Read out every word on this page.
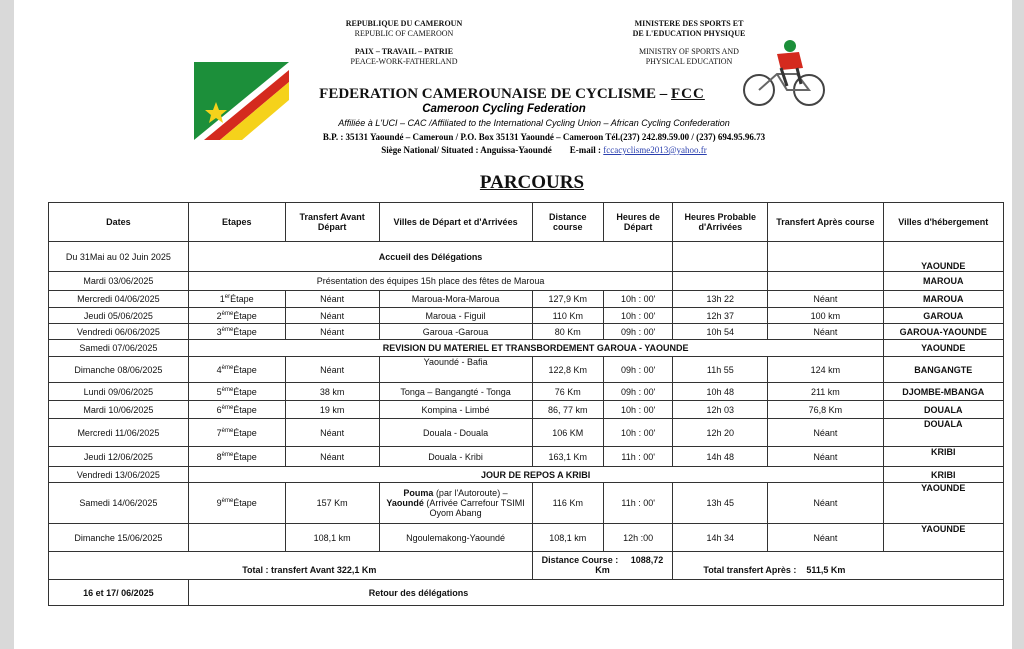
REPUBLIQUE DU CAMEROUN
REPUBLIC OF CAMEROON
PAIX – TRAVAIL – PATRIE
PEACE-WORK-FATHERLAND
MINISTERE DES SPORTS ET
DE L'EDUCATION PHYSIQUE
MINISTRY OF SPORTS AND
PHYSICAL EDUCATION
FEDERATION CAMEROUNAISE DE CYCLISME – FCC
Cameroon Cycling Federation
Affiliée à L'UCI – CAC /Affiliated to the International Cycling Union – African Cycling Confederation
B.P. : 35131 Yaoundé – Cameroun / P.O. Box 35131 Yaoundé – Cameroon Tél.(237) 242.89.59.00 / (237) 694.95.96.73
Siège National/ Situated : Anguissa-Yaoundé E-mail : fccacyclisme2013@yahoo.fr
PARCOURS
Dates	Etapes	Transfert Avant Départ	Villes de Départ et d'Arrivées	Distance course	Heures de Départ	Heures Probable d'Arrivées	Transfert Après course	Villes d'hébergement
Du 31Mai au 02 Juin 2025	Accueil des Délégations							YAOUNDE
Mardi 03/06/2025	Présentation des équipes 15h place des fêtes de Maroua							MAROUA
Mercredi 04/06/2025	1erÉtape	Néant	Maroua-Mora-Maroua	127,9 Km	10h : 00'	13h 22	Néant	MAROUA
Jeudi 05/06/2025	2èmeÉtape	Néant	Maroua - Figuil	110 Km	10h : 00'	12h 37	100 km	GAROUA
Vendredi 06/06/2025	3èmeÉtape	Néant	Garoua -Garoua	80 Km	09h : 00'	10h 54	Néant	GAROUA-YAOUNDE
Samedi 07/06/2025	REVISION DU MATERIEL ET TRANSBORDEMENT GAROUA - YAOUNDE							YAOUNDE
Dimanche 08/06/2025	4èmeÉtape	Néant	Yaoundé - Bafia	122,8 Km	09h : 00'	11h 55	124 km	BANGANGTE
Lundi 09/06/2025	5èmeÉtape	38 km	Tonga – Bangangté - Tonga	76 Km	09h : 00'	10h 48	211 km	DJOMBE-MBANGA
Mardi 10/06/2025	6èmeÉtape	19 km	Kompina - Limbé	86, 77 km	10h : 00'	12h 03	76,8 Km	DOUALA
Mercredi 11/06/2025	7èmeÉtape	Néant	Douala - Douala	106 KM	10h : 00'	12h 20	Néant	DOUALA
Jeudi 12/06/2025	8èmeÉtape	Néant	Douala - Kribi	163,1 Km	11h : 00'	14h 48	Néant	KRIBI
Vendredi 13/06/2025	JOUR DE REPOS A KRIBI							KRIBI
Samedi 14/06/2025	9èmeÉtape	157 Km	Pouma (par l'Autoroute) –
Yaoundé (Arrivée Carrefour TSIMI Oyom Abang	116 Km	11h : 00'	13h 45	Néant	YAOUNDE
Dimanche 15/06/2025		108,1 km	Ngoulemakong-Yaoundé	108,1 km	12h :00	14h 34	Néant	YAOUNDE
Total : transfert Avant 322,1 Km				Distance Course : 1088,72 Km		Total transfert Après : 511,5 Km		
16 et 17/ 06/2025	Retour des délégations							
